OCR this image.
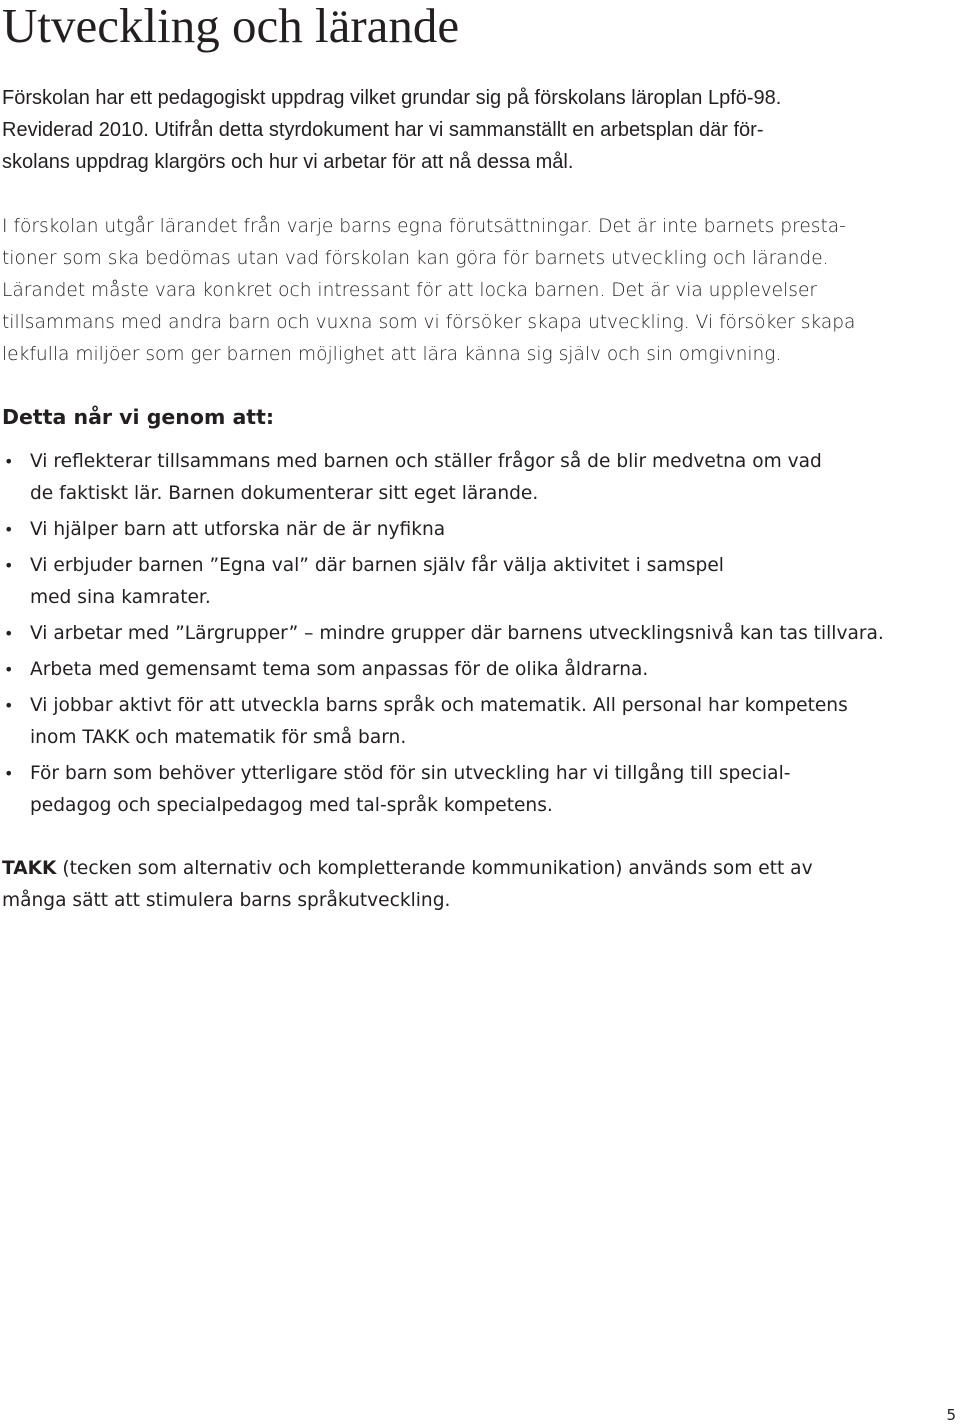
Utveckling och lärande

Förskolan har ett pedagogiskt uppdrag vilket grundar sig på förskolans läroplan Lpfö-98.
Reviderad 2010. Utifrån detta styrdokument har vi sammanställt en arbetsplan där för-
skolans uppdrag klargörs och hur vi arbetar för att nå dessa mål.

I förskolan utgår lärandet från varje barns egna förutsättningar. Det är inte barnets presta-
tioner som ska bedömas utan vad förskolan kan göra för barnets utveckling och lärande.
Lärandet måste vara konkret och intressant för att locka barnen. Det är via upplevelser
tillsammans med andra barn och vuxna som vi försöker skapa utveckling. Vi försöker skapa
lekfulla miljöer som ger barnen möjlighet att lära känna sig själv och sin omgivning.

Detta når vi genom att:
• Vi reflekterar tillsammans med barnen och ställer frågor så de blir medvetna om vad
de faktiskt lär. Barnen dokumenterar sitt eget lärande.
• Vi hjälper barn att utforska när de är nyfikna
• Vi erbjuder barnen ”Egna val” där barnen själv får välja aktivitet i samspel
med sina kamrater.
• Vi arbetar med ”Lärgrupper” – mindre grupper där barnens utvecklingsnivå kan tas tillvara.
• Arbeta med gemensamt tema som anpassas för de olika åldrarna.
• Vi jobbar aktivt för att utveckla barns språk och matematik. All personal har kompetens
inom TAKK och matematik för små barn.
• För barn som behöver ytterligare stöd för sin utveckling har vi tillgång till special-
pedagog och specialpedagog med tal-språk kompetens.

TAKK (tecken som alternativ och kompletterande kommunikation) används som ett av
många sätt att stimulera barns språkutveckling.

5
